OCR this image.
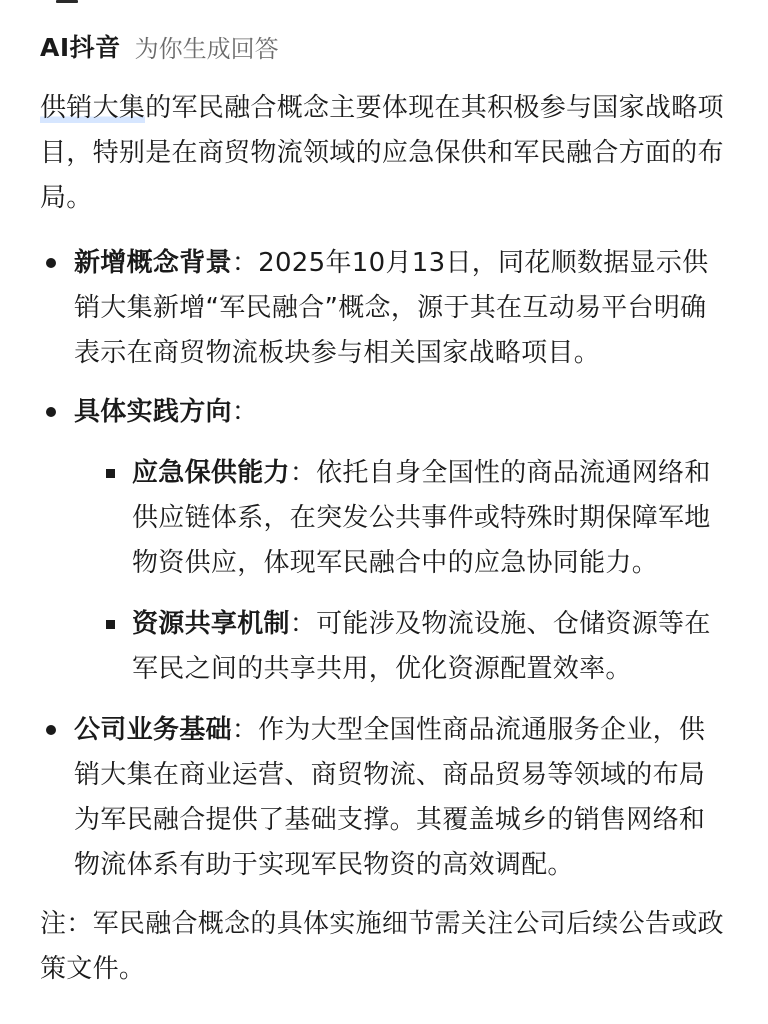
AI抖音 为你生成回答

供销大集的军民融合概念主要体现在其积极参与国家战略项目，特别是在商贸物流领域的应急保供和军民融合方面的布局。

新增概念背景：2025年10月13日，同花顺数据显示供销大集新增“军民融合”概念，源于其在互动易平台明确表示在商贸物流板块参与相关国家战略项目。
具体实践方向：
应急保供能力：依托自身全国性的商品流通网络和供应链体系，在突发公共事件或特殊时期保障军地物资供应，体现军民融合中的应急协同能力。
资源共享机制：可能涉及物流设施、仓储资源等在军民之间的共享共用，优化资源配置效率。
公司业务基础：作为大型全国性商品流通服务企业，供销大集在商业运营、商贸物流、商品贸易等领域的布局为军民融合提供了基础支撑。其覆盖城乡的销售网络和物流体系有助于实现军民物资的高效调配。

注：军民融合概念的具体实施细节需关注公司后续公告或政策文件。
